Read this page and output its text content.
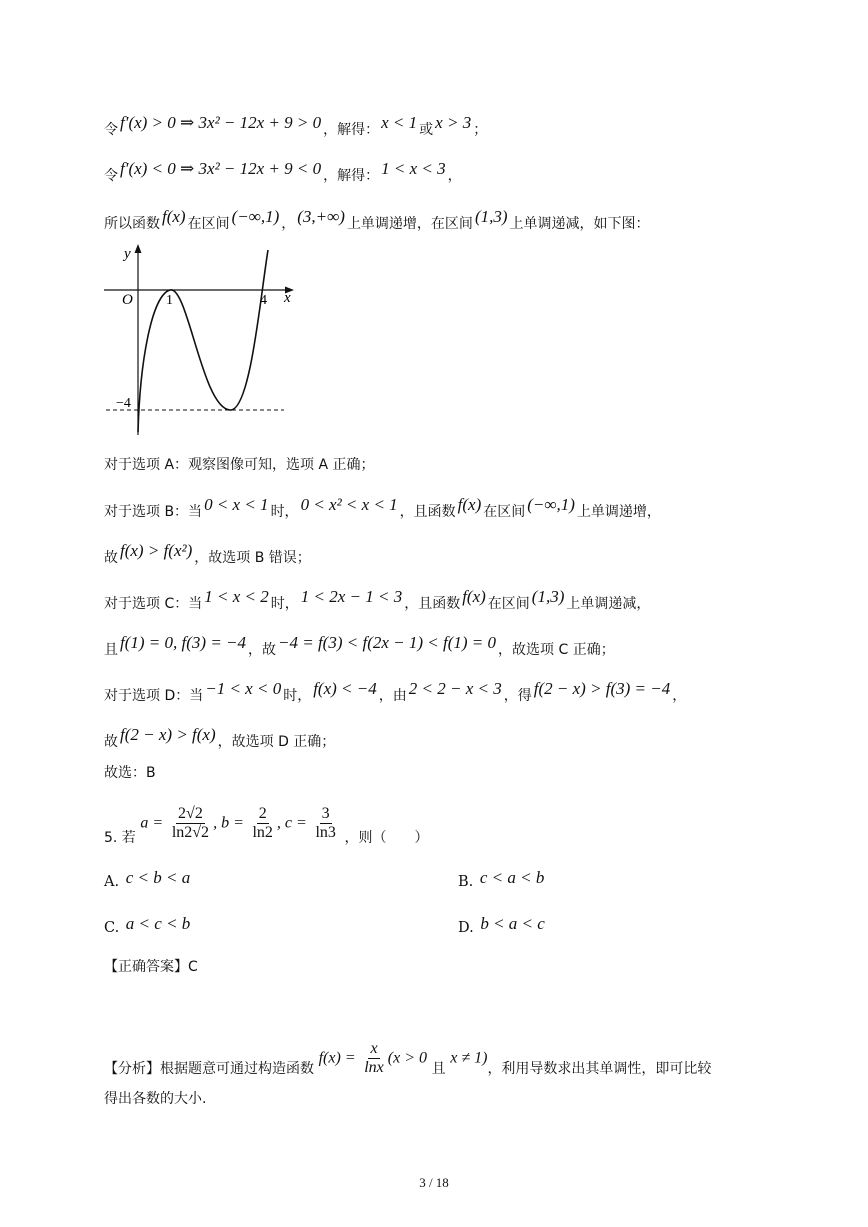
令 f′(x) > 0 ⇒ 3x² − 12x + 9 > 0 ，解得： x < 1 或 x > 3 ；
令 f′(x) < 0 ⇒ 3x² − 12x + 9 < 0 ，解得： 1 < x < 3 ，
所以函数 f(x) 在区间 (−∞,1) ， (3,+∞) 上单调递增，在区间 (1,3) 上单调递减，如下图：
y
x
O 1	4
−4
对于选项 A：观察图像可知，选项 A 正确；
对于选项 B：当 0 < x < 1 时， 0 < x² < x < 1 ，且函数 f(x) 在区间 (−∞,1) 上单调递增，
故 f(x) > f(x²) ，故选项 B 错误；
对于选项 C：当 1 < x < 2 时， 1 < 2x − 1 < 3 ，且函数 f(x) 在区间 (1,3) 上单调递减，
且 f(1) = 0, f(3) = −4 ，故 −4 = f(3) < f(2x − 1) < f(1) = 0 ，故选项 C 正确；
对于选项 D：当 −1 < x < 0 时， f(x) < −4 ，由 2 < 2 − x < 3 ，得 f(2 − x) > f(3) = −4 ，
故 f(2 − x) > f(x) ，故选项 D 正确；
故选：B
5. 若 $a = \frac{2√2}{\ln 2√2}$ , $b = \frac{2}{\ln 2}$ , $c = \frac{3}{\ln 3}$ ，则（　　）
A. c < b < a	B. c < a < b
C. a < c < b	D. b < a < c
【正确答案】C
【分析】根据题意可通过构造函数 $f(x) = \frac{x}{\ln x} (x > 0$ 且 x ≠ 1)，利用导数求出其单调性，即可比较
得出各数的大小.
3 / 18
